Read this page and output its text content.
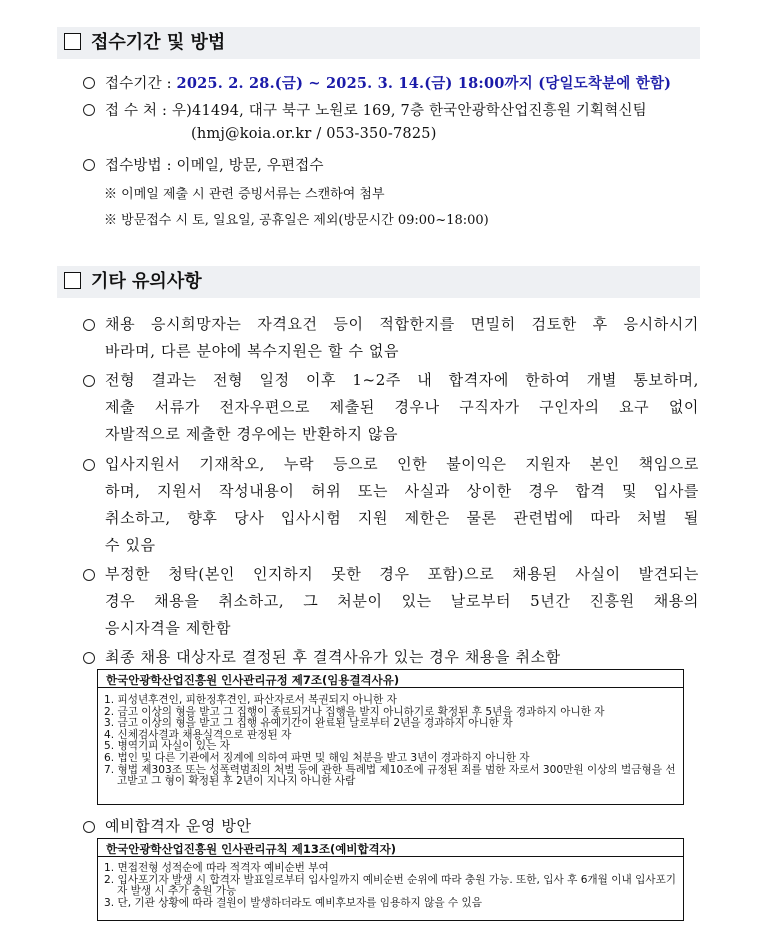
접수기간 및 방법
접수기간 : 2025. 2. 28.(금) ~ 2025. 3. 14.(금) 18:00까지 (당일도착분에 한함)
접 수 처 : 우)41494, 대구 북구 노원로 169, 7층 한국안광학산업진흥원 기획혁신팀
(hmj@koia.or.kr / 053-350-7825)
접수방법 : 이메일, 방문, 우편접수
※ 이메일 제출 시 관련 증빙서류는 스캔하여 첨부
※ 방문접수 시 토, 일요일, 공휴일은 제외(방문시간 09:00~18:00)
기타 유의사항
채용 응시희망자는 자격요건 등이 적합한지를 면밀히 검토한 후 응시하시기
바라며, 다른 분야에 복수지원은 할 수 없음
전형 결과는 전형 일정 이후 1~2주 내 합격자에 한하여 개별 통보하며,
제출 서류가 전자우편으로 제출된 경우나 구직자가 구인자의 요구 없이
자발적으로 제출한 경우에는 반환하지 않음
입사지원서 기재착오, 누락 등으로 인한 불이익은 지원자 본인 책임으로
하며, 지원서 작성내용이 허위 또는 사실과 상이한 경우 합격 및 입사를
취소하고, 향후 당사 입사시험 지원 제한은 물론 관련법에 따라 처벌 될
수 있음
부정한 청탁(본인 인지하지 못한 경우 포함)으로 채용된 사실이 발견되는
경우 채용을 취소하고, 그 처분이 있는 날로부터 5년간 진흥원 채용의
응시자격을 제한함
최종 채용 대상자로 결정된 후 결격사유가 있는 경우 채용을 취소함
한국안광학산업진흥원 인사관리규정 제7조(임용결격사유)
1. 피성년후견인, 피한정후견인, 파산자로서 복권되지 아니한 자
2. 금고 이상의 형을 받고 그 집행이 종료되거나 집행을 받지 아니하기로 확정된 후 5년을 경과하지 아니한 자
3. 금고 이상의 형을 받고 그 집행 유예기간이 완료된 날로부터 2년을 경과하지 아니한 자
4. 신체검사결과 채용실격으로 판정된 자
5. 병역기피 사실이 있는 자
6. 법인 및 다른 기관에서 징계에 의하여 파면 및 해임 처분을 받고 3년이 경과하지 아니한 자
7. 형법 제303조 또는 성폭력범죄의 처벌 등에 관한 특례법 제10조에 규정된 죄를 범한 자로서 300만원 이상의 벌금형을 선고받고 그 형이 확정된 후 2년이 지나지 아니한 사람
예비합격자 운영 방안
한국안광학산업진흥원 인사관리규칙 제13조(예비합격자)
1. 면접전형 성적순에 따라 적격자 예비순번 부여
2. 입사포기자 발생 시 합격자 발표일로부터 입사일까지 예비순번 순위에 따라 충원 가능. 또한, 입사 후 6개월 이내 입사포기자 발생 시 추가 충원 가능
3. 단, 기관 상황에 따라 결원이 발생하더라도 예비후보자를 임용하지 않을 수 있음
